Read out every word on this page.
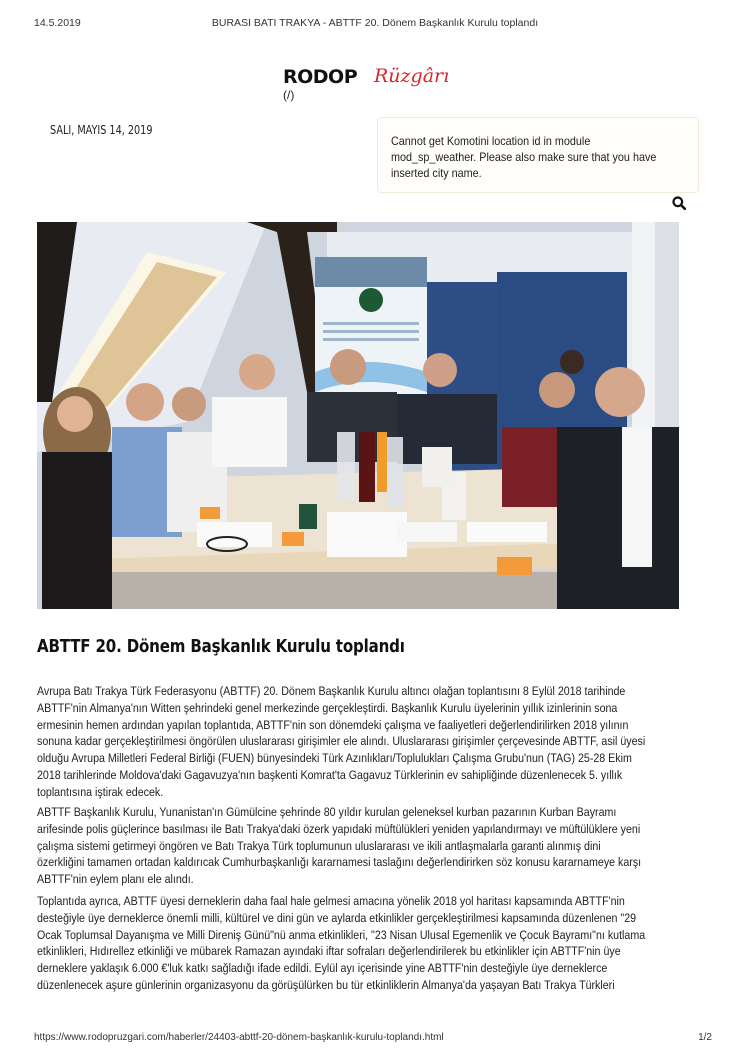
14.5.2019	BURASI BATI TRAKYA - ABTTF 20. Dönem Başkanlık Kurulu toplandı
RODOP Rüzgârı
(/)
SALI, MAYIS 14, 2019

Cannot get Komotini location id in module
mod_sp_weather. Please also make sure that you have
inserted city name.

ABTTF 20. Dönem Başkanlık Kurulu toplandı

Avrupa Batı Trakya Türk Federasyonu (ABTTF) 20. Dönem Başkanlık Kurulu altıncı olağan toplantısını 8 Eylül 2018 tarihinde
ABTTF'nin Almanya'nın Witten şehrindeki genel merkezinde gerçekleştirdi. Başkanlık Kurulu üyelerinin yıllık izinlerinin sona
ermesinin hemen ardından yapılan toplantıda, ABTTF'nin son dönemdeki çalışma ve faaliyetleri değerlendirilirken 2018 yılının
sonuna kadar gerçekleştirilmesi öngörülen uluslararası girişimler ele alındı. Uluslararası girişimler çerçevesinde ABTTF, asil üyesi
olduğu Avrupa Milletleri Federal Birliği (FUEN) bünyesindeki Türk Azınlıkları/Toplulukları Çalışma Grubu'nun (TAG) 25-28 Ekim
2018 tarihlerinde Moldova'daki Gagavuzya'nın başkenti Komrat'ta Gagavuz Türklerinin ev sahipliğinde düzenlenecek 5. yıllık
toplantısına iştirak edecek.

ABTTF Başkanlık Kurulu, Yunanistan'ın Gümülcine şehrinde 80 yıldır kurulan geleneksel kurban pazarının Kurban Bayramı
arifesinde polis güçlerince basılması ile Batı Trakya'daki özerk yapıdaki müftülükleri yeniden yapılandırmayı ve müftülüklere yeni
çalışma sistemi getirmeyi öngören ve Batı Trakya Türk toplumunun uluslararası ve ikili antlaşmalarla garanti alınmış dini
özerkliğini tamamen ortadan kaldırıcak Cumhurbaşkanlığı kararnamesi taslağını değerlendirirken söz konusu kararnameye karşı
ABTTF'nin eylem planı ele alındı.

Toplantıda ayrıca, ABTTF üyesi derneklerin daha faal hale gelmesi amacına yönelik 2018 yol haritası kapsamında ABTTF'nin
desteğiyle üye derneklerce önemli milli, kültürel ve dini gün ve aylarda etkinlikler gerçekleştirilmesi kapsamında düzenlenen "29
Ocak Toplumsal Dayanışma ve Milli Direniş Günü"nü anma etkinlikleri, "23 Nisan Ulusal Egemenlik ve Çocuk Bayramı"nı kutlama
etkinlikleri, Hıdırellez etkinliği ve mübarek Ramazan ayındaki iftar sofraları değerlendirilerek bu etkinlikler için ABTTF'nin üye
derneklere yaklaşık 6.000 €'luk katkı sağladığı ifade edildi. Eylül ayı içerisinde yine ABTTF'nin desteğiyle üye derneklerce
düzenlenecek aşure günlerinin organizasyonu da görüşülürken bu tür etkinliklerin Almanya'da yaşayan Batı Trakya Türkleri

https://www.rodopruzgari.com/haberler/24403-abttf-20-dönem-başkanlık-kurulu-toplandı.html	1/2
